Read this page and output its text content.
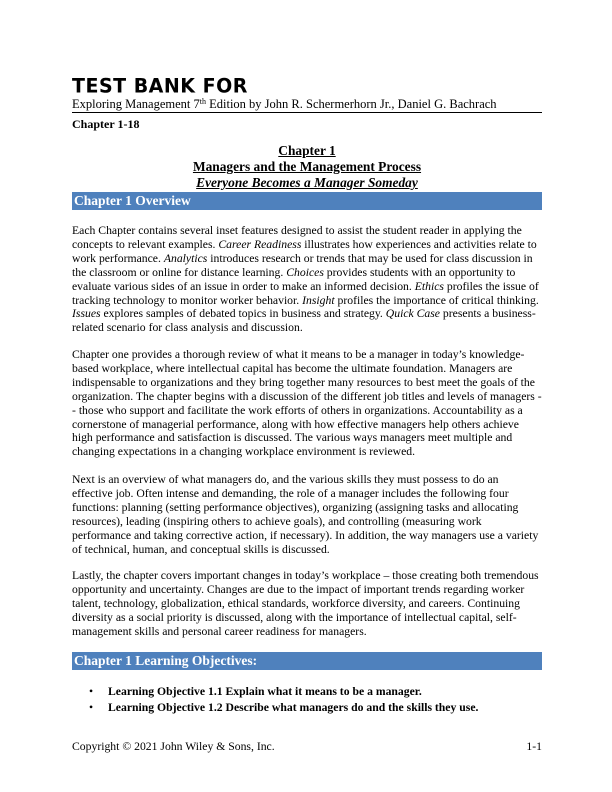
TEST BANK FOR
Exploring Management 7th Edition by John R. Schermerhorn Jr., Daniel G. Bachrach
Chapter 1-18
Chapter 1
Managers and the Management Process
Everyone Becomes a Manager Someday
Chapter 1 Overview
Each Chapter contains several inset features designed to assist the student reader in applying the concepts to relevant examples. Career Readiness illustrates how experiences and activities relate to work performance. Analytics introduces research or trends that may be used for class discussion in the classroom or online for distance learning. Choices provides students with an opportunity to evaluate various sides of an issue in order to make an informed decision. Ethics profiles the issue of tracking technology to monitor worker behavior. Insight profiles the importance of critical thinking. Issues explores samples of debated topics in business and strategy. Quick Case presents a business-related scenario for class analysis and discussion.
Chapter one provides a thorough review of what it means to be a manager in today’s knowledge-based workplace, where intellectual capital has become the ultimate foundation. Managers are indispensable to organizations and they bring together many resources to best meet the goals of the organization. The chapter begins with a discussion of the different job titles and levels of managers -- those who support and facilitate the work efforts of others in organizations. Accountability as a cornerstone of managerial performance, along with how effective managers help others achieve high performance and satisfaction is discussed. The various ways managers meet multiple and changing expectations in a changing workplace environment is reviewed.
Next is an overview of what managers do, and the various skills they must possess to do an effective job. Often intense and demanding, the role of a manager includes the following four functions: planning (setting performance objectives), organizing (assigning tasks and allocating resources), leading (inspiring others to achieve goals), and controlling (measuring work performance and taking corrective action, if necessary). In addition, the way managers use a variety of technical, human, and conceptual skills is discussed.
Lastly, the chapter covers important changes in today’s workplace – those creating both tremendous opportunity and uncertainty. Changes are due to the impact of important trends regarding worker talent, technology, globalization, ethical standards, workforce diversity, and careers. Continuing diversity as a social priority is discussed, along with the importance of intellectual capital, self-management skills and personal career readiness for managers.
Chapter 1 Learning Objectives:
• Learning Objective 1.1 Explain what it means to be a manager.
• Learning Objective 1.2 Describe what managers do and the skills they use.
Copyright © 2021 John Wiley & Sons, Inc.	1-1
